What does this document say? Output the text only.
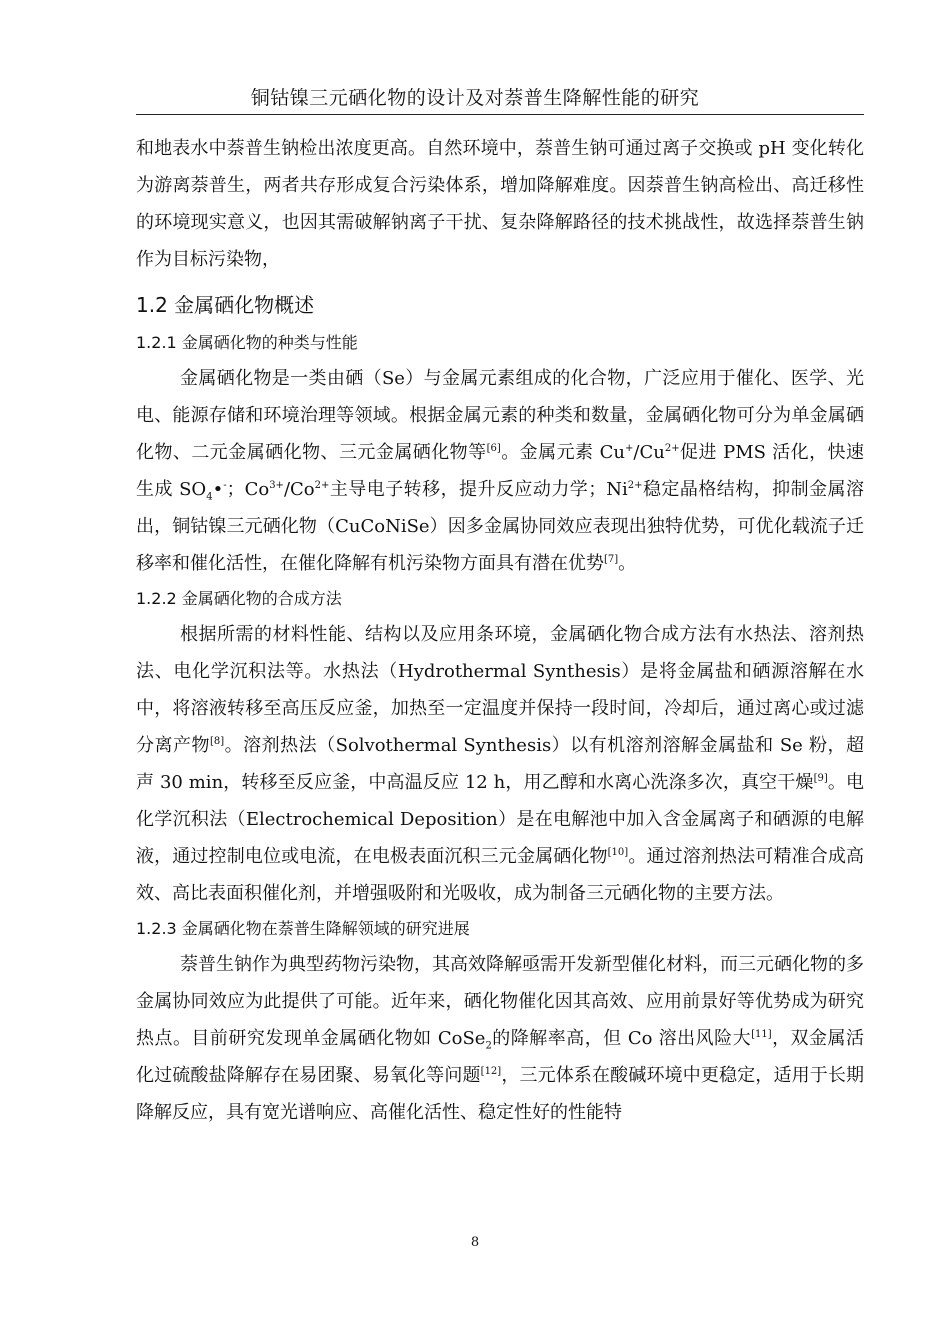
铜钴镍三元硒化物的设计及对萘普生降解性能的研究

和地表水中萘普生钠检出浓度更高。自然环境中，萘普生钠可通过离子交换或 pH 变化转化为游离萘普生，两者共存形成复合污染体系，增加降解难度。因萘普生钠高检出、高迁移性的环境现实意义，也因其需破解钠离子干扰、复杂降解路径的技术挑战性，故选择萘普生钠作为目标污染物，

1.2 金属硒化物概述
1.2.1 金属硒化物的种类与性能

金属硒化物是一类由硒（Se）与金属元素组成的化合物，广泛应用于催化、医学、光电、能源存储和环境治理等领域。根据金属元素的种类和数量，金属硒化物可分为单金属硒化物、二元金属硒化物、三元金属硒化物等[6]。金属元素 $Cu^+/Cu^{2+}$促进 PMS 活化，快速生成 $SO_4•^-$；$Co^{3+}/Co^{2+}$主导电子转移，提升反应动力学；$Ni^{2+}$稳定晶格结构，抑制金属溶出，铜钴镍三元硒化物（CuCoNiSe）因多金属协同效应表现出独特优势，可优化载流子迁移率和催化活性，在催化降解有机污染物方面具有潜在优势[7]。

1.2.2 金属硒化物的合成方法

根据所需的材料性能、结构以及应用条环境，金属硒化物合成方法有水热法、溶剂热法、电化学沉积法等。水热法（Hydrothermal Synthesis）是将金属盐和硒源溶解在水中，将溶液转移至高压反应釜，加热至一定温度并保持一段时间，冷却后，通过离心或过滤分离产物[8]。溶剂热法（Solvothermal Synthesis）以有机溶剂溶解金属盐和 Se 粉，超声 30 min，转移至反应釜，中高温反应 12 h，用乙醇和水离心洗涤多次，真空干燥[9]。电化学沉积法（Electrochemical Deposition）是在电解池中加入含金属离子和硒源的电解液，通过控制电位或电流，在电极表面沉积三元金属硒化物[10]。通过溶剂热法可精准合成高效、高比表面积催化剂，并增强吸附和光吸收，成为制备三元硒化物的主要方法。

1.2.3 金属硒化物在萘普生降解领域的研究进展

萘普生钠作为典型药物污染物，其高效降解亟需开发新型催化材料，而三元硒化物的多金属协同效应为此提供了可能。近年来，硒化物催化因其高效、应用前景好等优势成为研究热点。目前研究发现单金属硒化物如 CoSe$_2$的降解率高，但 Co 溶出风险大[11]，双金属活化过硫酸盐降解存在易团聚、易氧化等问题[12]，三元体系在酸碱环境中更稳定，适用于长期降解反应，具有宽光谱响应、高催化活性、稳定性好的性能特

8
